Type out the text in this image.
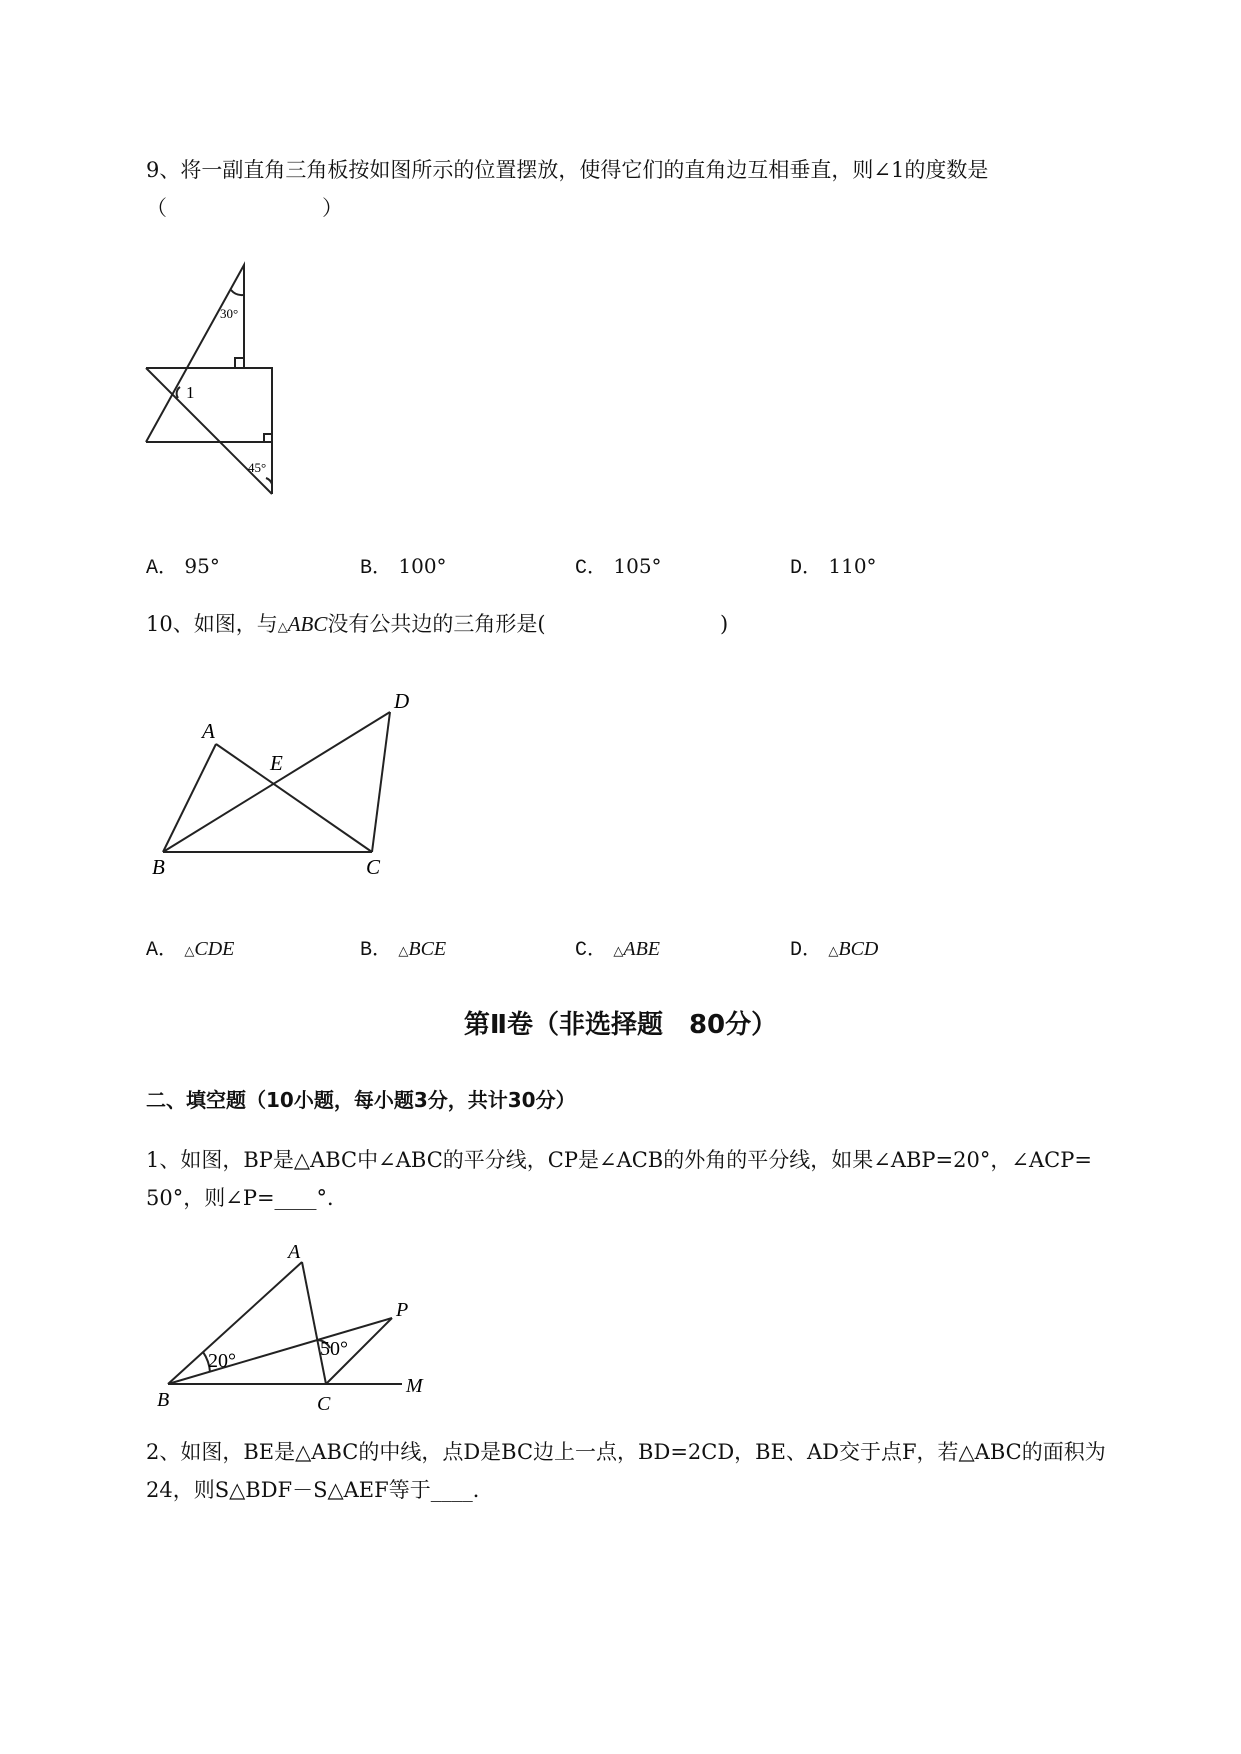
9、将一副直角三角板按如图所示的位置摆放，使得它们的直角边互相垂直，则∠1的度数是
（	）
30°
1
45°
A． 95°	B． 100°	C． 105°	D． 110°
10、如图，与△ABC没有公共边的三角形是(	)
A
B	C
D
E
A． △CDE	B． △BCE	C． △ABE	D． △BCD
第Ⅱ卷（非选择题　80分）
二、填空题（10小题，每小题3分，共计30分）
1、如图，BP是△ABC中∠ABC的平分线，CP是∠ACB的外角的平分线，如果∠ABP=20°，∠ACP=
50°，则∠P=____°．
20°
50°
A
B	C
P
M
2、如图，BE是△ABC的中线，点D是BC边上一点，BD=2CD，BE、AD交于点F，若△ABC的面积为
24，则S△BDF－S△AEF等于____．
